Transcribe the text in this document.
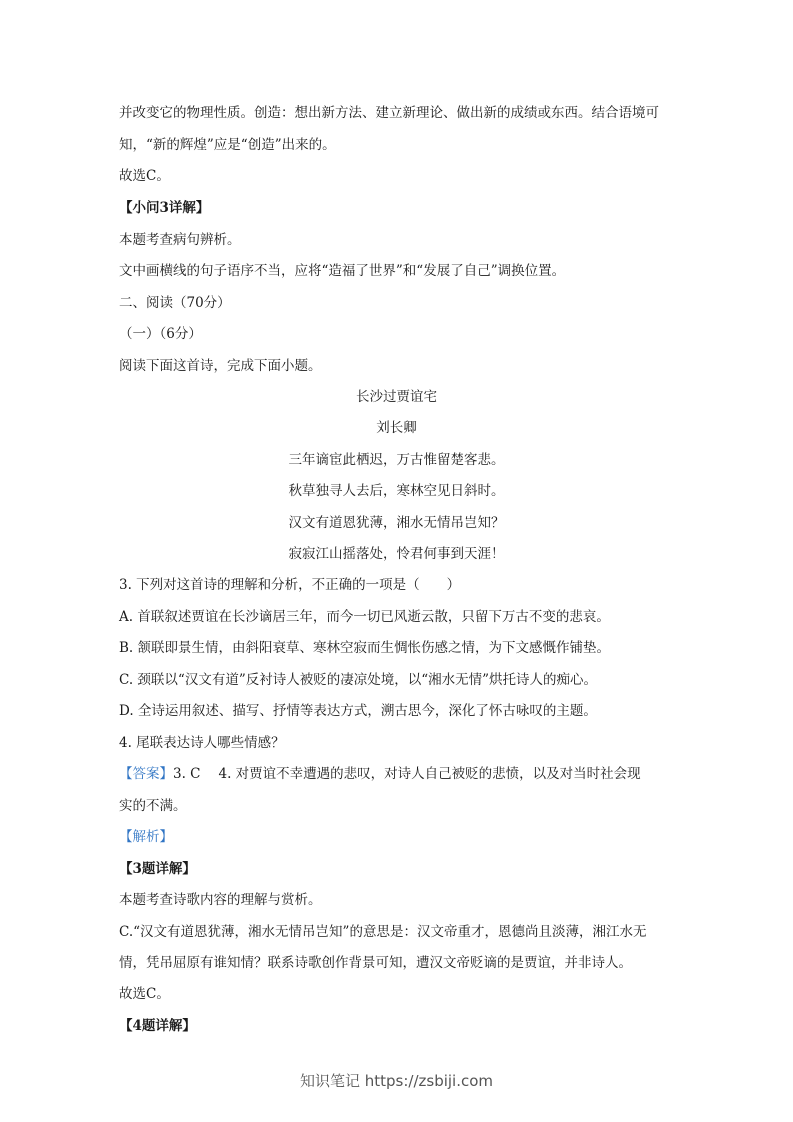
并改变它的物理性质。创造：想出新方法、建立新理论、做出新的成绩或东西。结合语境可
知，“新的辉煌”应是“创造”出来的。
故选C。
【小问3详解】
本题考查病句辨析。
文中画横线的句子语序不当，应将“造福了世界”和“发展了自己”调换位置。
二、阅读（70分）
（一）（6分）
阅读下面这首诗，完成下面小题。
长沙过贾谊宅
刘长卿
三年谪宦此栖迟，万古惟留楚客悲。
秋草独寻人去后，寒林空见日斜时。
汉文有道恩犹薄，湘水无情吊岂知？
寂寂江山摇落处，怜君何事到天涯！
3. 下列对这首诗的理解和分析，不正确的一项是（　　）
A. 首联叙述贾谊在长沙谪居三年，而今一切已风逝云散，只留下万古不变的悲哀。
B. 颔联即景生情，由斜阳衰草、寒林空寂而生惆怅伤感之情，为下文感慨作铺垫。
C. 颈联以“汉文有道”反衬诗人被贬的凄凉处境，以“湘水无情”烘托诗人的痴心。
D. 全诗运用叙述、描写、抒情等表达方式，溯古思今，深化了怀古咏叹的主题。
4. 尾联表达诗人哪些情感？
【答案】3. C 4. 对贾谊不幸遭遇的悲叹，对诗人自己被贬的悲愤，以及对当时社会现
实的不满。
【解析】
【3题详解】
本题考查诗歌内容的理解与赏析。
C.“汉文有道恩犹薄，湘水无情吊岂知”的意思是：汉文帝重才，恩德尚且淡薄，湘江水无
情，凭吊屈原有谁知情？联系诗歌创作背景可知，遭汉文帝贬谪的是贾谊，并非诗人。
故选C。
【4题详解】
知识笔记 https://zsbiji.com
